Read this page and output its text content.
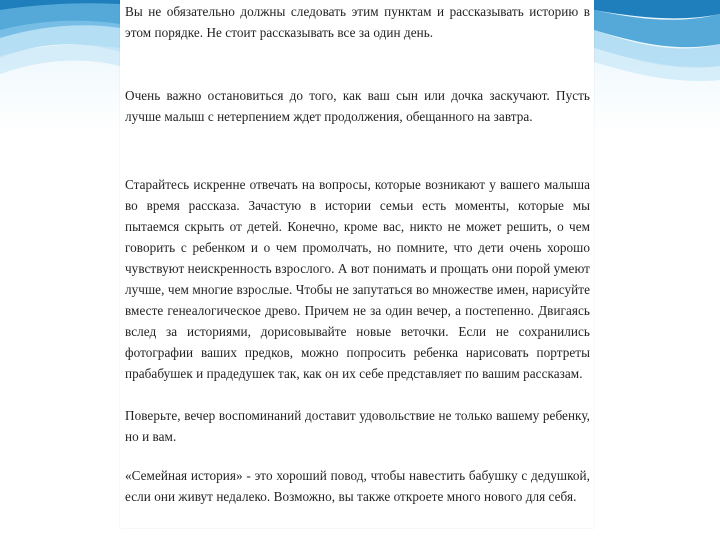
Вы не обязательно должны следовать этим пунктам и рассказывать историю в этом порядке. Не стоит рассказывать все за один день.

Очень важно остановиться до того, как ваш сын или дочка заскучают. Пусть лучше малыш с нетерпением ждет продолжения, обещанного на завтра.

Старайтесь искренне отвечать на вопросы, которые возникают у вашего малыша во время рассказа. Зачастую в истории семьи есть моменты, которые мы пытаемся скрыть от детей. Конечно, кроме вас, никто не может решить, о чем говорить с ребенком и о чем промолчать, но помните, что дети очень хорошо чувствуют неискренность взрослого. А вот понимать и прощать они порой умеют лучше, чем многие взрослые. Чтобы не запутаться во множестве имен, нарисуйте вместе генеалогическое древо. Причем не за один вечер, а постепенно. Двигаясь вслед за историями, дорисовывайте новые веточки. Если не сохранились фотографии ваших предков, можно попросить ребенка нарисовать портреты прабабушек и прадедушек так, как он их себе представляет по вашим рассказам.

Поверьте, вечер воспоминаний доставит удовольствие не только вашему ребенку, но и вам.

«Семейная история» - это хороший повод, чтобы навестить бабушку с дедушкой, если они живут недалеко. Возможно, вы также откроете много нового для себя.
